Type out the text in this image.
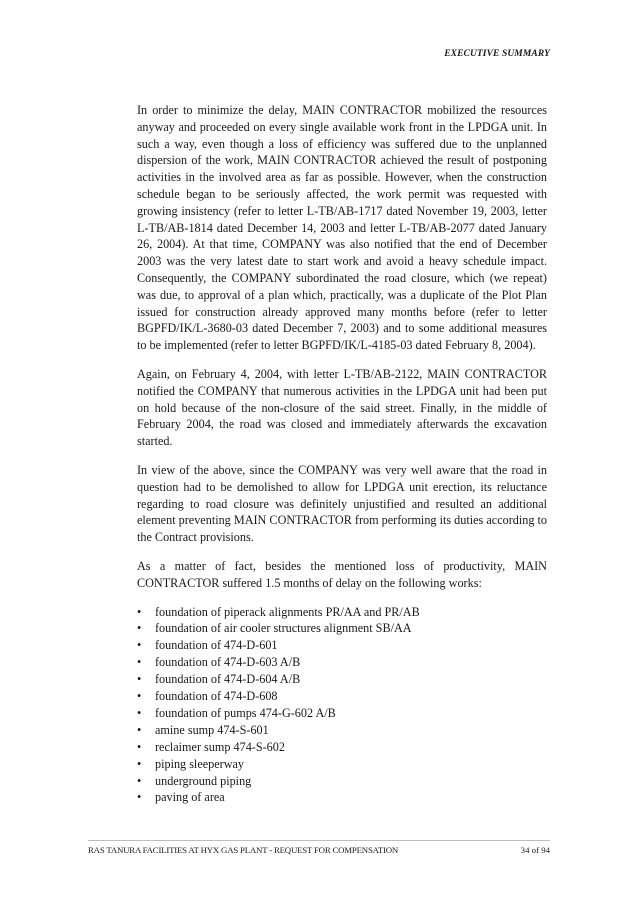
EXECUTIVE SUMMARY

In order to minimize the delay, MAIN CONTRACTOR mobilized the resources anyway and proceeded on every single available work front in the LPDGA unit. In such a way, even though a loss of efficiency was suffered due to the unplanned dispersion of the work, MAIN CONTRACTOR achieved the result of postponing activities in the involved area as far as possible. However, when the construction schedule began to be seriously affected, the work permit was requested with growing insistency (refer to letter L-TB/AB-1717 dated November 19, 2003, letter L-TB/AB-1814 dated December 14, 2003 and letter L-TB/AB-2077 dated January 26, 2004). At that time, COMPANY was also notified that the end of December 2003 was the very latest date to start work and avoid a heavy schedule impact. Consequently, the COMPANY subordinated the road closure, which (we repeat) was due, to approval of a plan which, practically, was a duplicate of the Plot Plan issued for construction already approved many months before (refer to letter BGPFD/IK/L-3680-03 dated December 7, 2003) and to some additional measures to be implemented (refer to letter BGPFD/IK/L-4185-03 dated February 8, 2004).

Again, on February 4, 2004, with letter L-TB/AB-2122, MAIN CONTRACTOR notified the COMPANY that numerous activities in the LPDGA unit had been put on hold because of the non-closure of the said street. Finally, in the middle of February 2004, the road was closed and immediately afterwards the excavation started.

In view of the above, since the COMPANY was very well aware that the road in question had to be demolished to allow for LPDGA unit erection, its reluctance regarding to road closure was definitely unjustified and resulted an additional element preventing MAIN CONTRACTOR from performing its duties according to the Contract provisions.

As a matter of fact, besides the mentioned loss of productivity, MAIN CONTRACTOR suffered 1.5 months of delay on the following works:

• foundation of piperack alignments PR/AA and PR/AB
• foundation of air cooler structures alignment SB/AA
• foundation of 474-D-601
• foundation of 474-D-603 A/B
• foundation of 474-D-604 A/B
• foundation of 474-D-608
• foundation of pumps 474-G-602 A/B
• amine sump 474-S-601
• reclaimer sump 474-S-602
• piping sleeperway
• underground piping
• paving of area
RAS TANURA FACILITIES AT HYX GAS PLANT - REQUEST FOR COMPENSATION	34 of 94
